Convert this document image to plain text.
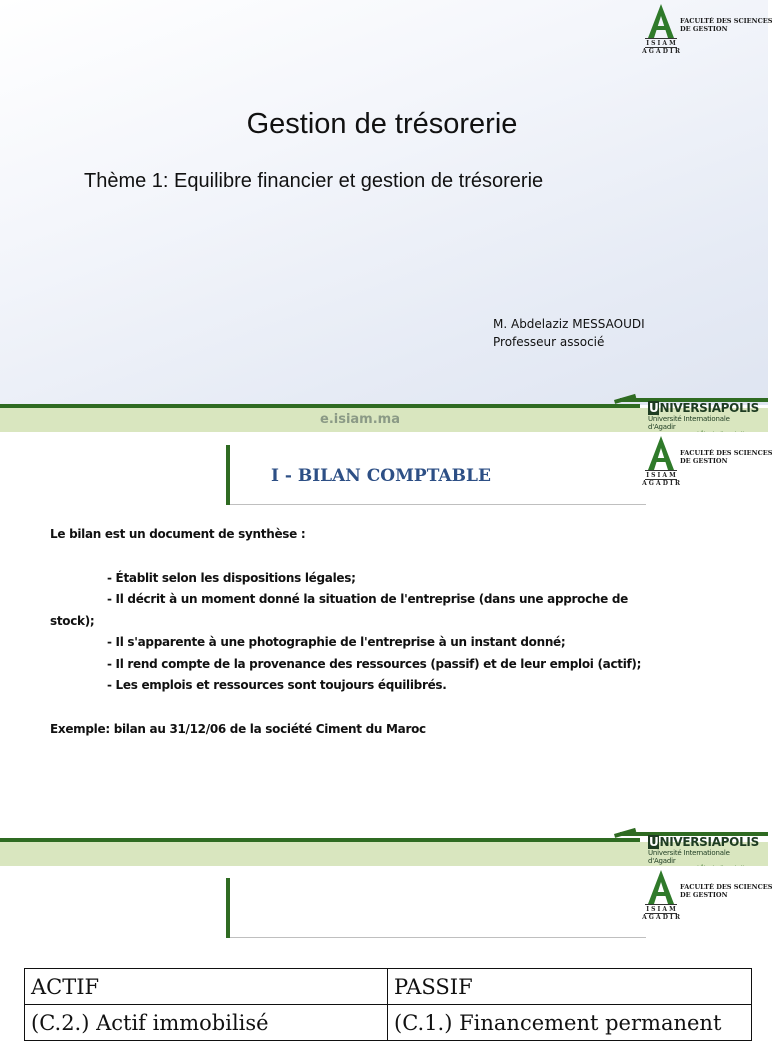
I S I A M
A G A D I R
FACULTÉ DES SCIENCES
DE GESTION
Gestion de trésorerie
Thème 1: Equilibre financier et gestion de trésorerie
M. Abdelaziz MESSAOUDI
Professeur associé
e.isiam.ma
UNIVERSIAPOLIS
Université Internationale d'Agadir
I S I A M
A G A D I R
FACULTÉ DES SCIENCES
DE GESTION
I - BILAN COMPTABLE

Le bilan est un document de synthèse :

- Établit selon les dispositions légales;

- Il décrit à un moment donné la situation de l'entreprise (dans une approche de stock);

- Il s'apparente à une photographie de l'entreprise à un instant donné;

- Il rend compte de la provenance des ressources (passif) et de leur emploi (actif);

- Les emplois et ressources sont toujours équilibrés.

Exemple: bilan au 31/12/06 de la société Ciment du Maroc

UNIVERSIAPOLIS
Université Internationale d'Agadir
I S I A M
A G A D I R
FACULTÉ DES SCIENCES
DE GESTION
ACTIF	PASSIF
(C.2.) Actif immobilisé	(C.1.) Financement permanent
